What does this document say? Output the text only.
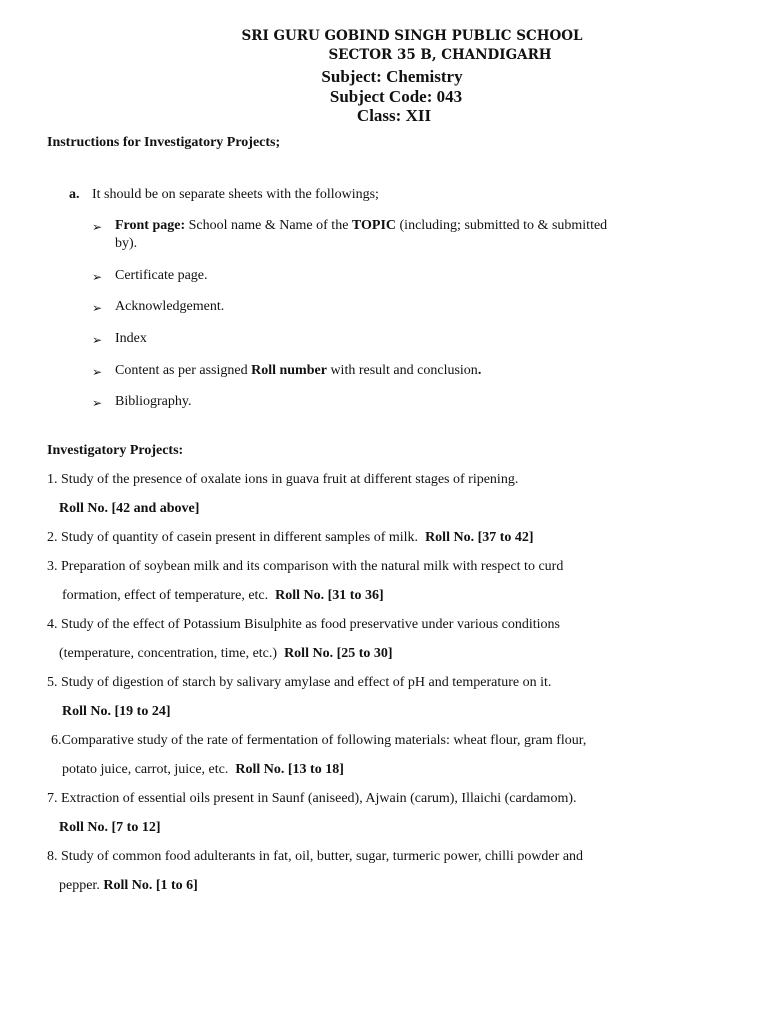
SRI GURU GOBIND SINGH PUBLIC SCHOOL
SECTOR 35 B, CHANDIGARH
Subject: Chemistry
Subject Code: 043
Class: XII
Instructions for Investigatory Projects;
a. It should be on separate sheets with the followings;
➢ Front page: School name & Name of the TOPIC (including; submitted to & submitted
by).
➢ Certificate page.
➢ Acknowledgement.
➢ Index
➢ Content as per assigned Roll number with result and conclusion.
➢ Bibliography.
Investigatory Projects:
1. Study of the presence of oxalate ions in guava fruit at different stages of ripening.
Roll No. [42 and above]
2. Study of quantity of casein present in different samples of milk. Roll No. [37 to 42]
3. Preparation of soybean milk and its comparison with the natural milk with respect to curd
formation, effect of temperature, etc. Roll No. [31 to 36]
4. Study of the effect of Potassium Bisulphite as food preservative under various conditions
(temperature, concentration, time, etc.) Roll No. [25 to 30]
5. Study of digestion of starch by salivary amylase and effect of pH and temperature on it.
Roll No. [19 to 24]
6.Comparative study of the rate of fermentation of following materials: wheat flour, gram flour,
potato juice, carrot, juice, etc. Roll No. [13 to 18]
7. Extraction of essential oils present in Saunf (aniseed), Ajwain (carum), Illaichi (cardamom).
Roll No. [7 to 12]
8. Study of common food adulterants in fat, oil, butter, sugar, turmeric power, chilli powder and
pepper. Roll No. [1 to 6]
